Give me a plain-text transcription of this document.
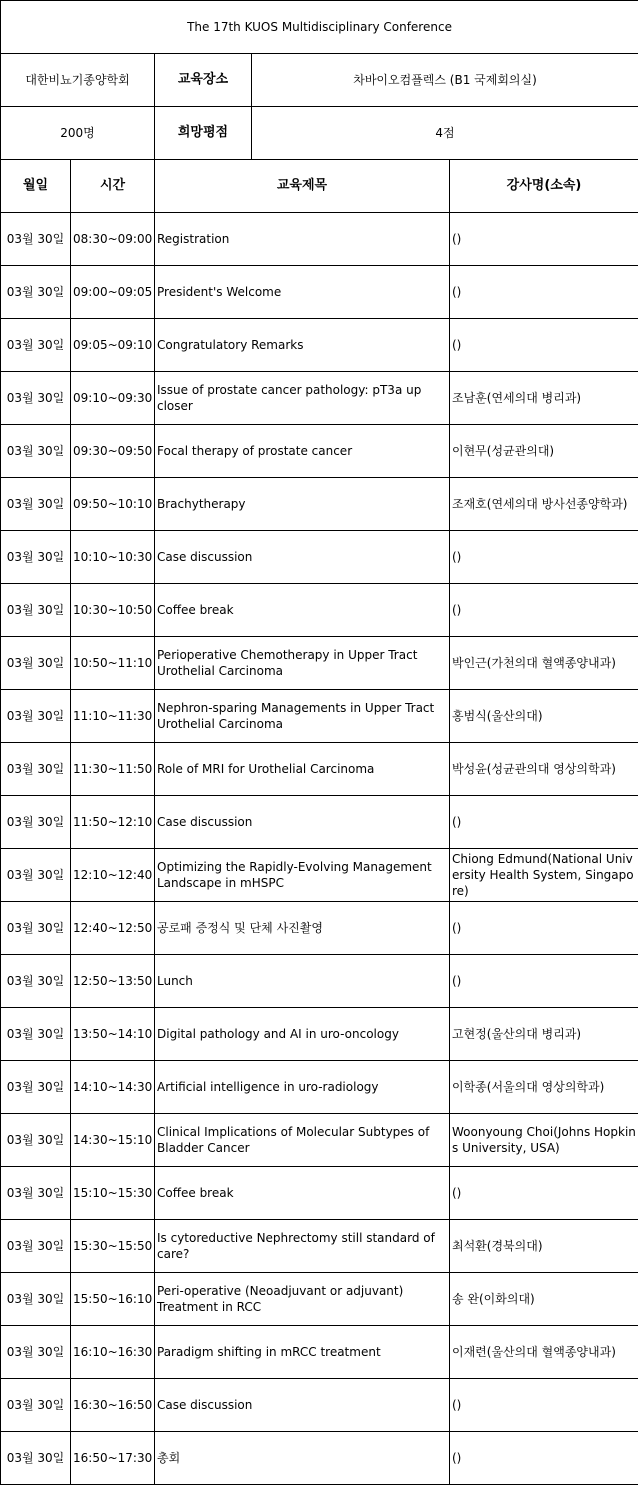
The 17th KUOS Multidisciplinary Conference				
대한비뇨기종양학회		교육장소	차바이오컴플렉스 (B1 국제회의실)	
200명		희망평점	4점	
월일	시간	교육제목		강사명(소속)
03월 30일	08:30~09:00	Registration		()
03월 30일	09:00~09:05	President's Welcome		()
03월 30일	09:05~09:10	Congratulatory Remarks		()
03월 30일	09:10~09:30	Issue of prostate cancer pathology: pT3a up closer		조남훈(연세의대 병리과)
03월 30일	09:30~09:50	Focal therapy of prostate cancer		이현무(성균관의대)
03월 30일	09:50~10:10	Brachytherapy		조재호(연세의대 방사선종양학과)
03월 30일	10:10~10:30	Case discussion		()
03월 30일	10:30~10:50	Coffee break		()
03월 30일	10:50~11:10	Perioperative Chemotherapy in Upper Tract Urothelial Carcinoma		박인근(가천의대 혈액종양내과)
03월 30일	11:10~11:30	Nephron-sparing Managements in Upper Tract Urothelial Carcinoma		홍범식(울산의대)
03월 30일	11:30~11:50	Role of MRI for Urothelial Carcinoma		박성윤(성균관의대 영상의학과)
03월 30일	11:50~12:10	Case discussion		()
03월 30일	12:10~12:40	Optimizing the Rapidly-Evolving Management Landscape in mHSPC		Chiong Edmund(National University Health System, Singapore)
03월 30일	12:40~12:50	공로패 증정식 및 단체 사진촬영		()
03월 30일	12:50~13:50	Lunch		()
03월 30일	13:50~14:10	Digital pathology and AI in uro-oncology		고현정(울산의대 병리과)
03월 30일	14:10~14:30	Artificial intelligence in uro-radiology		이학종(서울의대 영상의학과)
03월 30일	14:30~15:10	Clinical Implications of Molecular Subtypes of Bladder Cancer		Woonyoung Choi(Johns Hopkins University, USA)
03월 30일	15:10~15:30	Coffee break		()
03월 30일	15:30~15:50	Is cytoreductive Nephrectomy still standard of care?		최석환(경북의대)
03월 30일	15:50~16:10	Peri-operative (Neoadjuvant or adjuvant) Treatment in RCC		송 완(이화의대)
03월 30일	16:10~16:30	Paradigm shifting in mRCC treatment		이재련(울산의대 혈액종양내과)
03월 30일	16:30~16:50	Case discussion		()
03월 30일	16:50~17:30	총회		()
